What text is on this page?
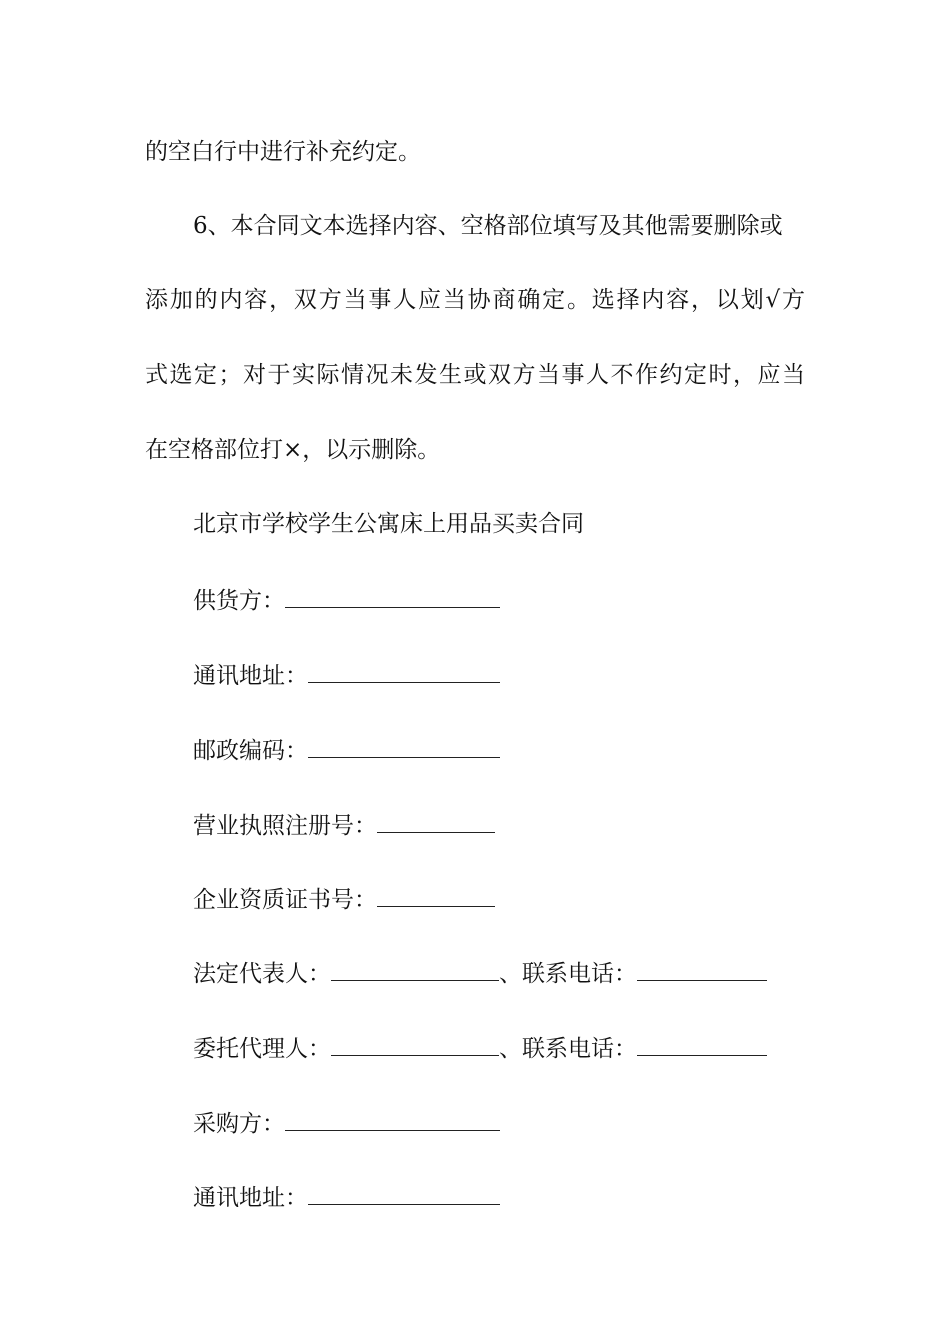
的空白行中进行补充约定。
6、本合同文本选择内容、空格部位填写及其他需要删除或
添加的内容，双方当事人应当协商确定。选择内容，以划√方
式选定；对于实际情况未发生或双方当事人不作约定时，应当
在空格部位打×，以示删除。
北京市学校学生公寓床上用品买卖合同
供货方：
通讯地址：
邮政编码：
营业执照注册号：
企业资质证书号：
法定代表人：	、联系电话：
委托代理人：	、联系电话：
采购方：
通讯地址：
